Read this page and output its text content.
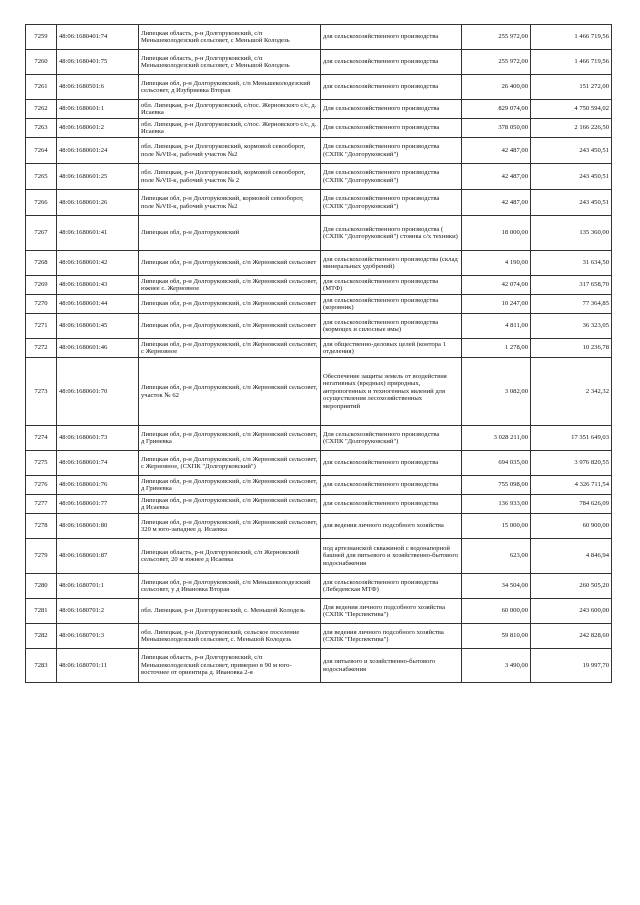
7259	48:06:1680401:74	Липецкая область, р-н Долгоруковский, с/п Меньшеколодезский сельсовет, с Меньшой Колодезь	для сельскохозяйственного производства	255 972,00	1 466 719,56
7260	48:06:1680401:75	Липецкая область, р-н Долгоруковский, с/п Меньшеколодезский сельсовет, с Меньшой Колодезь	для сельскохозяйственного производства	255 972,00	1 466 719,56
7261	48:06:1680501:6	Липецкая обл, р-н Долгоруковский, с/п Меньшеколодезский сельсовет, д Изубриевка Вторая	для сельскохозяйственного производства	26 400,00	151 272,00
7262	48:06:1680601:1	обл. Липецкая, р-н Долгоруковский, с/пос. Жерновского с/с, д. Исаевка	Для сельскохозяйственного производства	829 074,00	4 750 594,02
7263	48:06:1680601:2	обл. Липецкая, р-н Долгоруковский, с/пос. Жерновского с/с, д. Исаевка	Для сельскохозяйственного производства	378 050,00	2 166 226,50
7264	48:06:1680601:24	обл. Липецкая, р-н Долгоруковский, кормовой севооборот, поле №VII-к, рабочий участок №2	Для сельскохозяйственного производства (СХПК "Долгоруковский")	42 487,00	243 450,51
7265	48:06:1680601:25	обл. Липецкая, р-н Долгоруковский, кормовой севооборот, поле №VII-к, рабочий участок № 2	Для сельскохозяйственного производства (СХПК "Долгоруковский")	42 487,00	243 450,51
7266	48:06:1680601:26	Липецкая обл, р-н Долгоруковский, кормовой севооборот, поле №VII-к, рабочий участок №2	Для сельскохозяйственного производства (СХПК "Долгоруковский")	42 487,00	243 450,51
7267	48:06:1680601:41	Липецкая обл, р-н Долгоруковский	Для сельскохозяйственного производства ( (СХПК "Долгоруковский") стоянка с/х техники)	18 000,00	135 360,00
7268	48:06:1680601:42	Липецкая обл, р-н Долгоруковский, с/п Жерновский сельсовет	для сельскохозяйственного производства (склад минеральных удобрений)	4 190,00	31 634,50
7269	48:06:1680601:43	Липецкая обл, р-н Долгоруковский, с/п Жерновский сельсовет, южнее с. Жерновное	для сельскохозяйственного производства (МТФ)	42 074,00	317 658,70
7270	48:06:1680601:44	Липецкая обл, р-н Долгоруковский, с/п Жерновский сельсовет	для сельскохозяйственного производства (коровник)	10 247,00	77 364,85
7271	48:06:1680601:45	Липецкая обл, р-н Долгоруковский, с/п Жерновский сельсовет	для сельскохозяйственного производства (кормоцех и силосные ямы)	4 811,00	36 323,05
7272	48:06:1680601:46	Липецкая обл, р-н Долгоруковский, с/п Жерновский сельсовет, с Жерновное	для общественно-деловых целей (контора 1 отделения)	1 278,00	10 236,78
7273	48:06:1680601:70	Липецкая обл, р-н Долгоруковский, с/п Жерновский сельсовет, участок № 62	Обеспечение защиты земель от воздействия негативных (вредных) природных, антропогенных и техногенных явлений для осуществления лесохозяйственных мероприятий	3 082,00	2 342,32
7274	48:06:1680601:73	Липецкая обл, р-н Долгоруковский, с/п Жерновский сельсовет, д Гриневка	Для сельскохозяйственного производства (СХПК "Долгоруковский")	3 028 211,00	17 351 649,03
7275	48:06:1680601:74	Липецкая обл, р-н Долгоруковский, с/п Жерновский сельсовет, с Жерновное, (СХПК "Долгоруковский")	для сельскохозяйственного производства	694 035,00	3 976 820,55
7276	48:06:1680601:76	Липецкая обл, р-н Долгоруковский, с/п Жерновский сельсовет, д Гриневка	для сельскохозяйственного производства	755 098,00	4 326 711,54
7277	48:06:1680601:77	Липецкая обл, р-н Долгоруковский, с/п Жерновский сельсовет, д Исаевка	для сельскохозяйственного производства	136 933,00	784 626,09
7278	48:06:1680601:80	Липецкая обл, р-н Долгоруковский, с/п Жерновский сельсовет, 320 м юго-западнее д. Исаевка	для ведения личного подсобного хозяйства	15 000,00	60 900,00
7279	48:06:1680601:87	Липецкая область, р-н Долгоруковский, с/п Жерновский сельсовет, 20 м южнее д Исаевка	под артезианской скважиной с водонапорной башней для питьевого и хозяйственно-бытового водоснабжения	623,00	4 846,94
7280	48:06:1680701:1	Липецкая обл, р-н Долгоруковский, с/п Меньшеколодезский сельсовет, у д Ивановка Вторая	для сельскохозяйственного производства (Лебедевская МТФ)	34 504,00	260 505,20
7281	48:06:1680701:2	обл. Липецкая, р-н Долгоруковский, с. Меньшой Колодезь	Для ведения личного подсобного хозяйства (СХПК "Перспектива")	60 000,00	243 600,00
7282	48:06:1680701:3	обл. Липецкая, р-н Долгоруковский, сельское поселение Меньшеколодезский сельсовет, с. Меньшой Колодезь	для ведения личного подсобного хозяйства (СХПК "Перспектива")	59 810,00	242 828,60
7283	48:06:1680701:11	Липецкая область, р-н Долгоруковский, с/п Меньшеколодезский сельсовет, примерно в 90 м юго-восточнее от ориентира д. Ивановка 2-я	для питьевого и хозяйственно-бытового водоснабжения	3 490,00	19 997,70
